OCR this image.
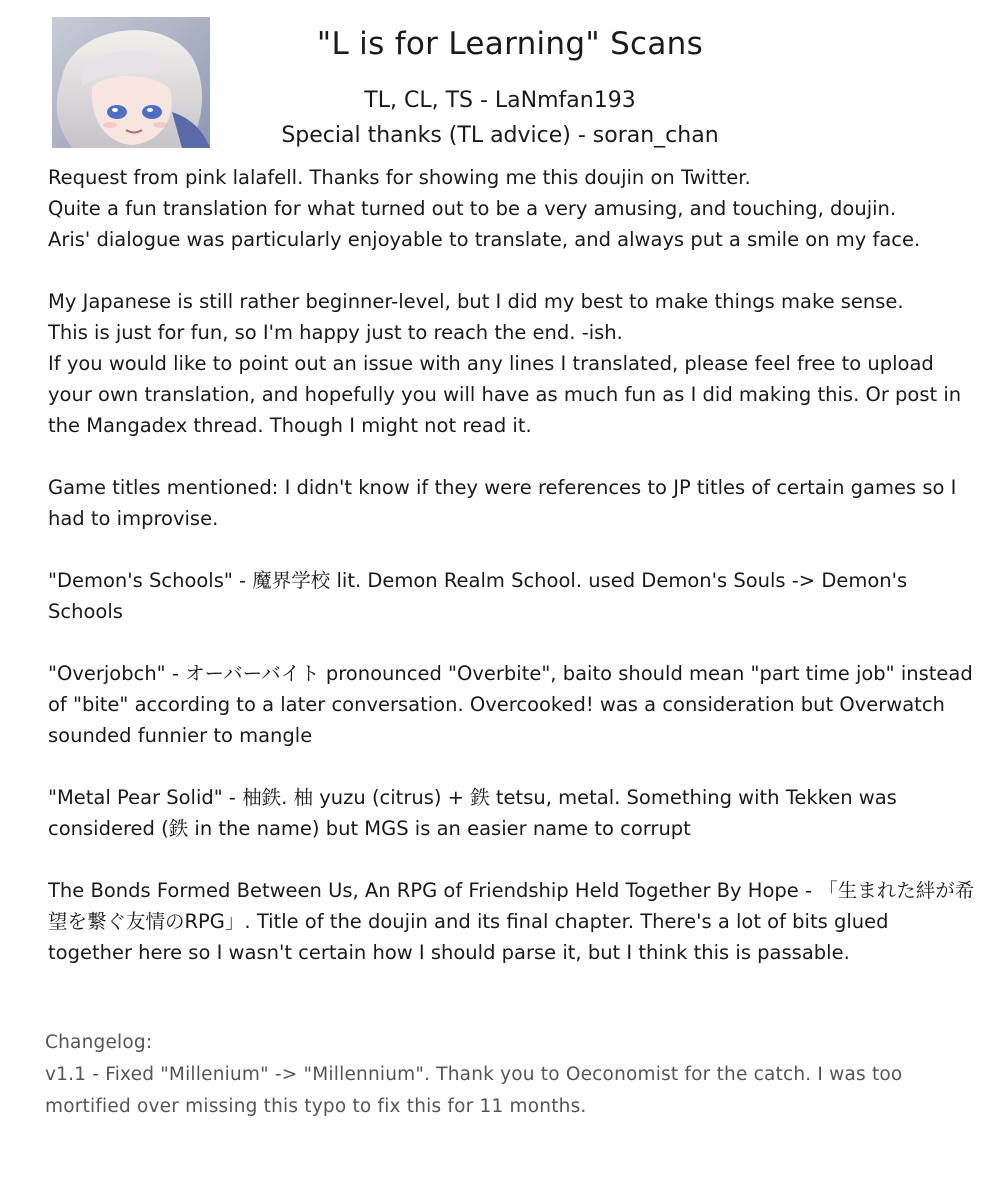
"L is for Learning" Scans
TL, CL, TS - LaNmfan193
Special thanks (TL advice) - soran_chan

Request from pink lalafell. Thanks for showing me this doujin on Twitter.
Quite a fun translation for what turned out to be a very amusing, and touching, doujin.
Aris' dialogue was particularly enjoyable to translate, and always put a smile on my face.

My Japanese is still rather beginner-level, but I did my best to make things make sense.
This is just for fun, so I'm happy just to reach the end. -ish.
If you would like to point out an issue with any lines I translated, please feel free to upload your own translation, and hopefully you will have as much fun as I did making this. Or post in the Mangadex thread. Though I might not read it.

Game titles mentioned: I didn't know if they were references to JP titles of certain games so I had to improvise.

"Demon's Schools" - 魔界学校 lit. Demon Realm School. used Demon's Souls -> Demon's Schools

"Overjobch" - オーバーバイト pronounced "Overbite", baito should mean "part time job" instead of "bite" according to a later conversation. Overcooked! was a consideration but Overwatch sounded funnier to mangle

"Metal Pear Solid" - 柚鉄. 柚 yuzu (citrus) + 鉄 tetsu, metal. Something with Tekken was considered (鉄 in the name) but MGS is an easier name to corrupt

The Bonds Formed Between Us, An RPG of Friendship Held Together By Hope - 「生まれた絆が希望を繋ぐ友情のRPG」. Title of the doujin and its final chapter. There's a lot of bits glued together here so I wasn't certain how I should parse it, but I think this is passable.

Changelog:
v1.1 - Fixed "Millenium" -> "Millennium". Thank you to Oeconomist for the catch. I was too mortified over missing this typo to fix this for 11 months.
